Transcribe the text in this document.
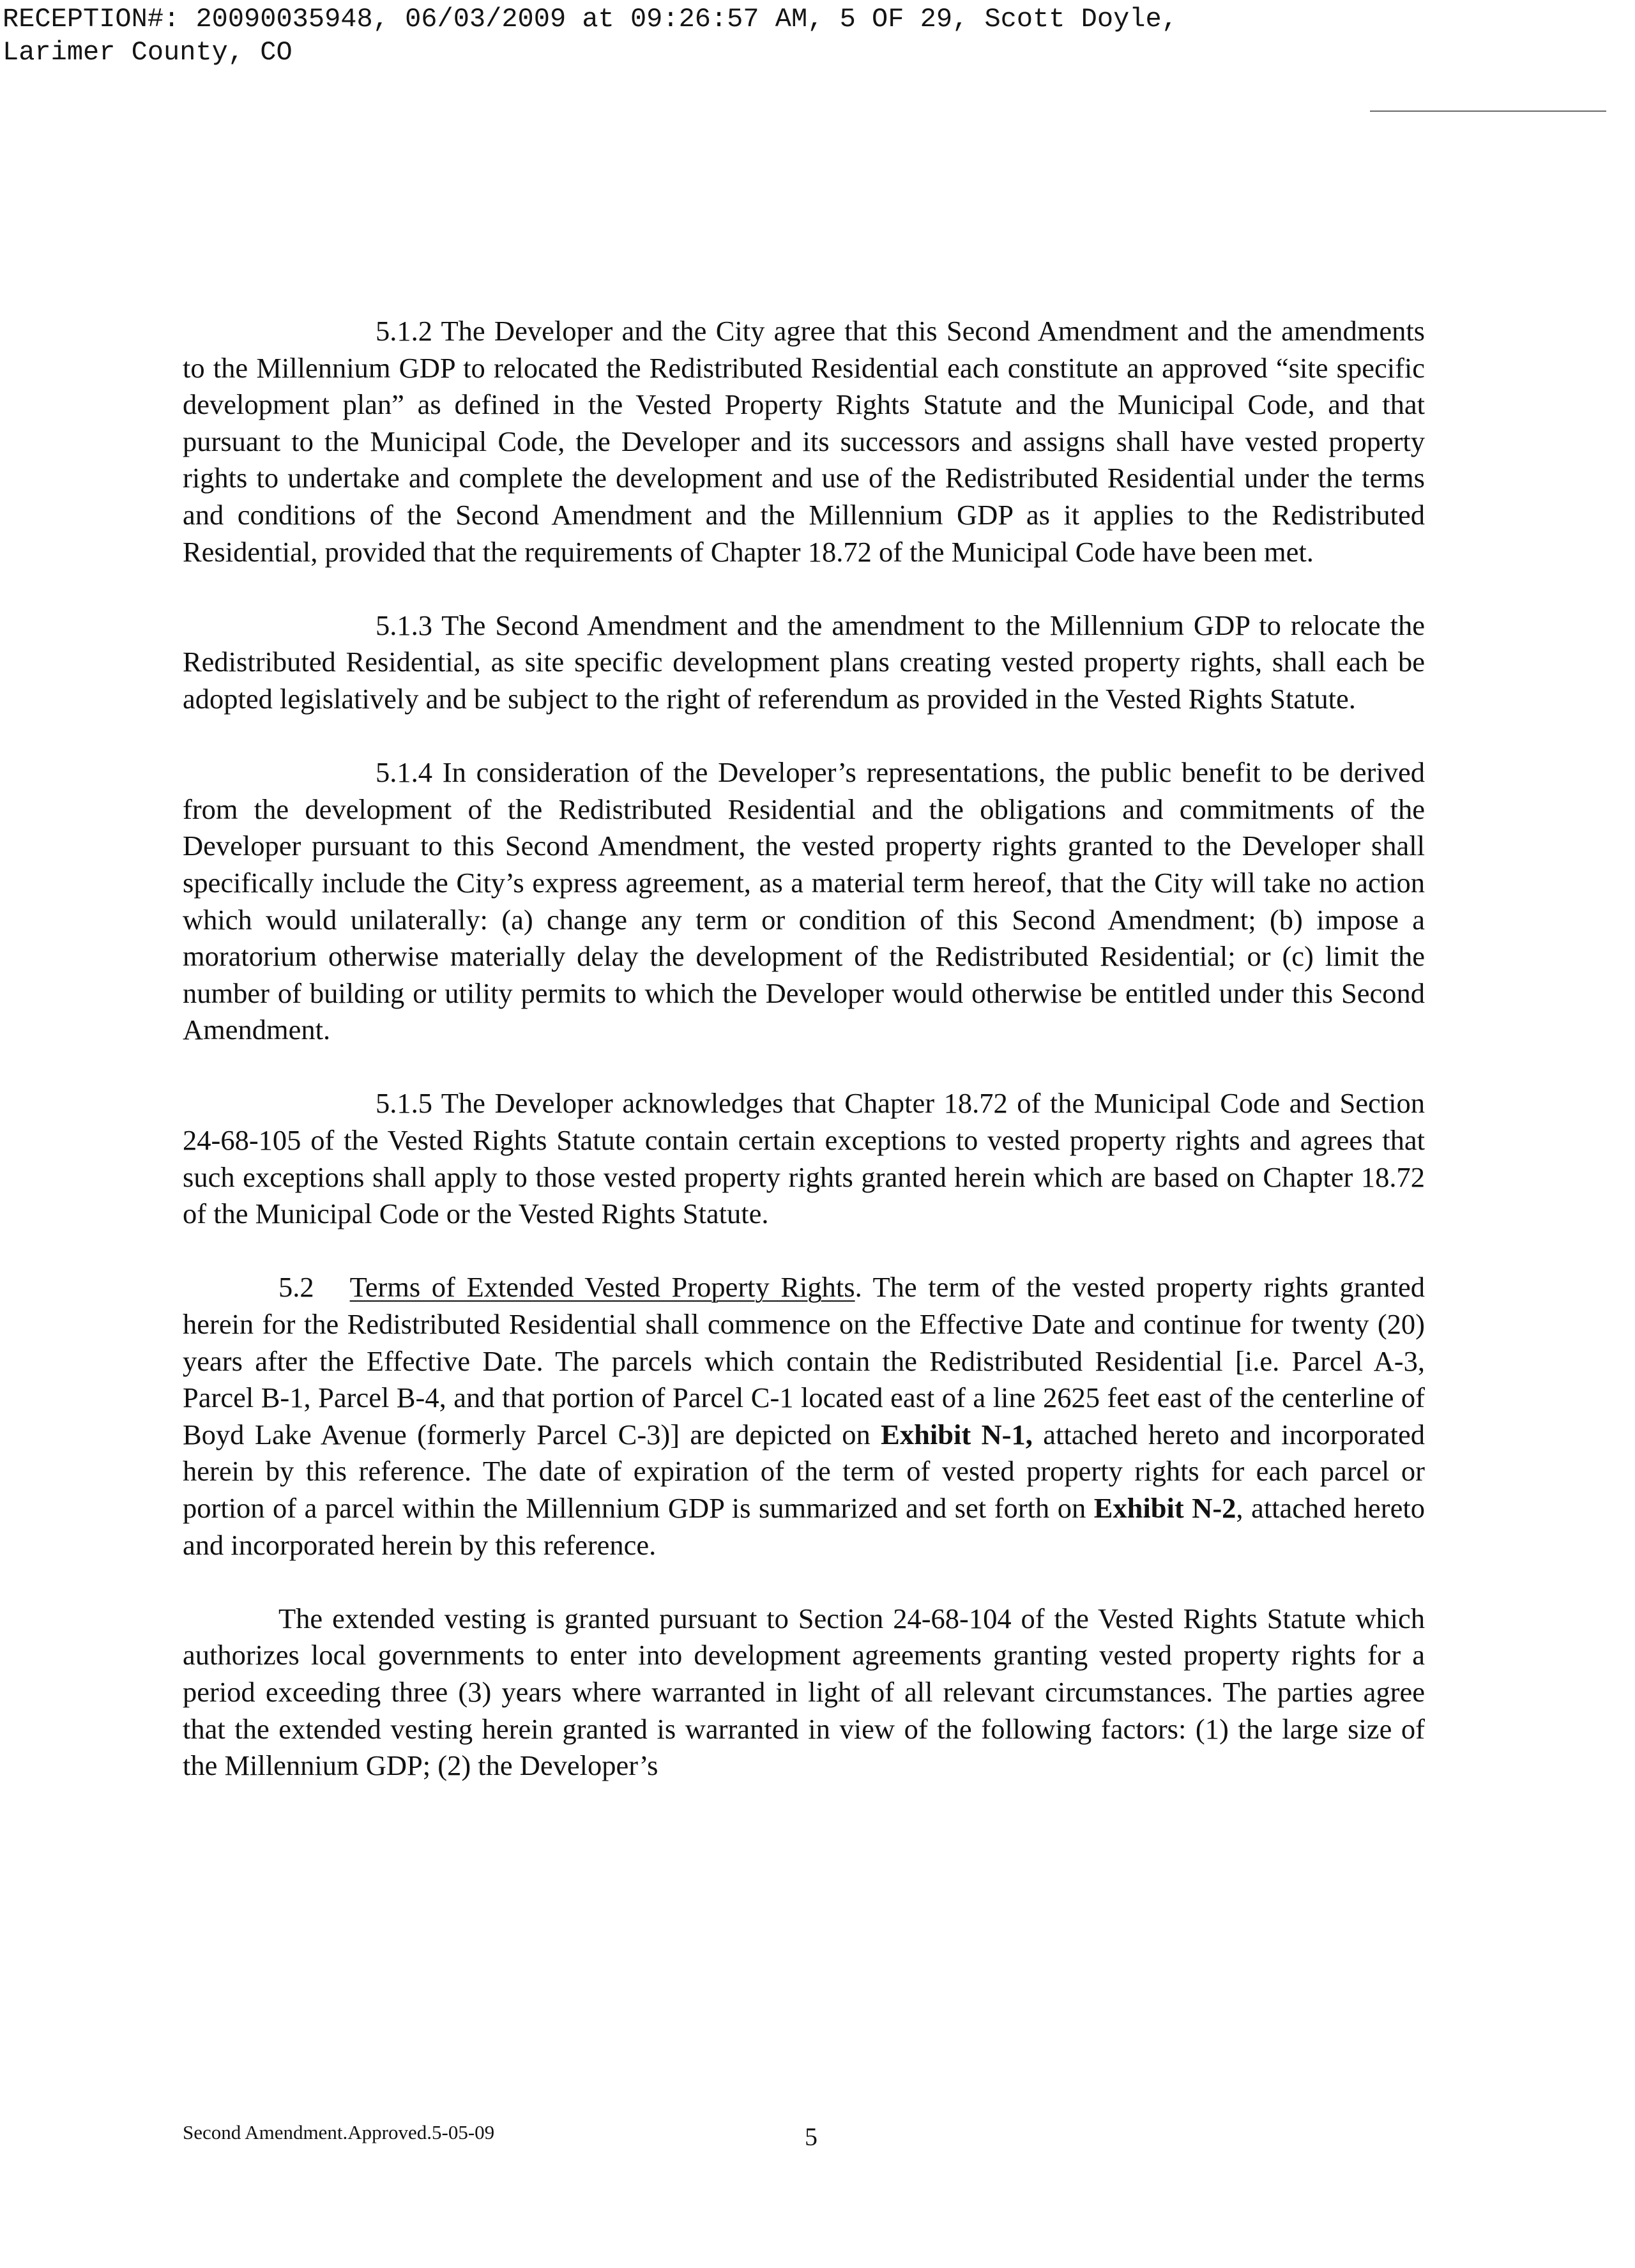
RECEPTION#: 20090035948, 06/03/2009 at 09:26:57 AM, 5 OF 29, Scott Doyle,
Larimer County, CO

5.1.2 The Developer and the City agree that this Second Amendment and the amendments to the Millennium GDP to relocated the Redistributed Residential each constitute an approved “site specific development plan” as defined in the Vested Property Rights Statute and the Municipal Code, and that pursuant to the Municipal Code, the Developer and its successors and assigns shall have vested property rights to undertake and complete the development and use of the Redistributed Residential under the terms and conditions of the Second Amendment and the Millennium GDP as it applies to the Redistributed Residential, provided that the requirements of Chapter 18.72 of the Municipal Code have been met.

5.1.3 The Second Amendment and the amendment to the Millennium GDP to relocate the Redistributed Residential, as site specific development plans creating vested property rights, shall each be adopted legislatively and be subject to the right of referendum as provided in the Vested Rights Statute.

5.1.4 In consideration of the Developer’s representations, the public benefit to be derived from the development of the Redistributed Residential and the obligations and commitments of the Developer pursuant to this Second Amendment, the vested property rights granted to the Developer shall specifically include the City’s express agreement, as a material term hereof, that the City will take no action which would unilaterally: (a) change any term or condition of this Second Amendment; (b) impose a moratorium otherwise materially delay the development of the Redistributed Residential; or (c) limit the number of building or utility permits to which the Developer would otherwise be entitled under this Second Amendment.

5.1.5 The Developer acknowledges that Chapter 18.72 of the Municipal Code and Section 24-68-105 of the Vested Rights Statute contain certain exceptions to vested property rights and agrees that such exceptions shall apply to those vested property rights granted herein which are based on Chapter 18.72 of the Municipal Code or the Vested Rights Statute.

5.2 Terms of Extended Vested Property Rights. The term of the vested property rights granted herein for the Redistributed Residential shall commence on the Effective Date and continue for twenty (20) years after the Effective Date. The parcels which contain the Redistributed Residential [i.e. Parcel A-3, Parcel B-1, Parcel B-4, and that portion of Parcel C-1 located east of a line 2625 feet east of the centerline of Boyd Lake Avenue (formerly Parcel C-3)] are depicted on Exhibit N-1, attached hereto and incorporated herein by this reference. The date of expiration of the term of vested property rights for each parcel or portion of a parcel within the Millennium GDP is summarized and set forth on Exhibit N-2, attached hereto and incorporated herein by this reference.

The extended vesting is granted pursuant to Section 24-68-104 of the Vested Rights Statute which authorizes local governments to enter into development agreements granting vested property rights for a period exceeding three (3) years where warranted in light of all relevant circumstances. The parties agree that the extended vesting herein granted is warranted in view of the following factors: (1) the large size of the Millennium GDP; (2) the Developer’s

Second Amendment.Approved.5-05-09	5
